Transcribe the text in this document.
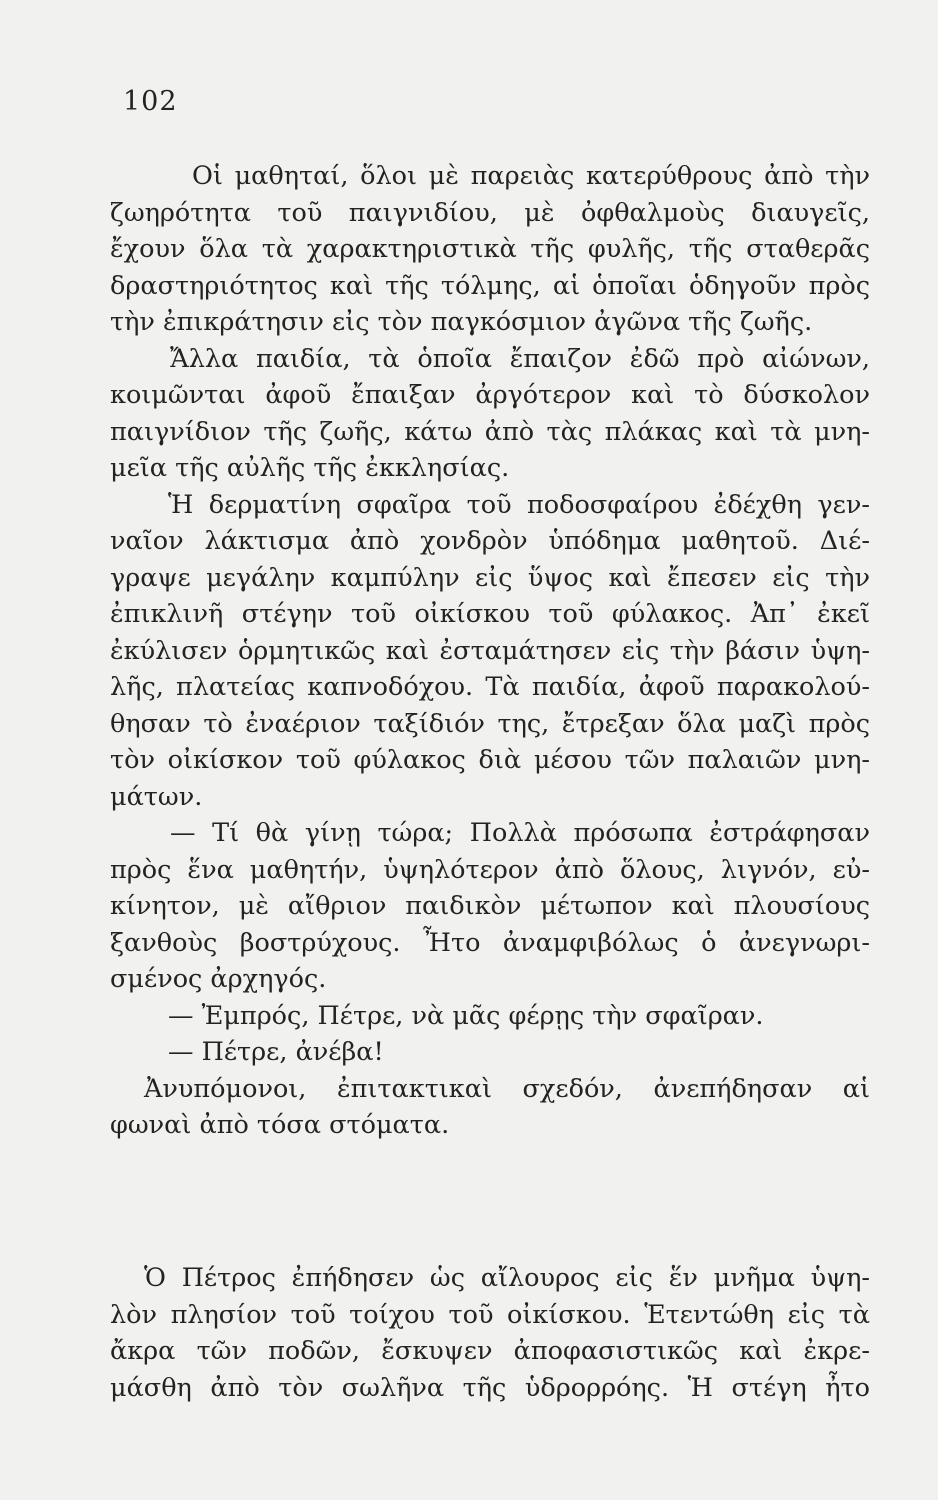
102
Οἱ μαθηταί, ὅλοι μὲ παρειὰς κατερύθρους ἀπὸ τὴν
ζωηρότητα τοῦ παιγνιδίου, μὲ ὀφθαλμοὺς διαυγεῖς,
ἔχουν ὅλα τὰ χαρακτηριστικὰ τῆς φυλῆς, τῆς σταθερᾶς
δραστηριότητος καὶ τῆς τόλμης, αἱ ὁποῖαι ὁδηγοῦν πρὸς
τὴν ἐπικράτησιν εἰς τὸν παγκόσμιον ἀγῶνα τῆς ζωῆς.
Ἄλλα παιδία, τὰ ὁποῖα ἔπαιζον ἐδῶ πρὸ αἰώνων,
κοιμῶνται ἀφοῦ ἔπαιξαν ἀργότερον καὶ τὸ δύσκολον
παιγνίδιον τῆς ζωῆς, κάτω ἀπὸ τὰς πλάκας καὶ τὰ μνη-
μεῖα τῆς αὐλῆς τῆς ἐκκλησίας.
Ἡ δερματίνη σφαῖρα τοῦ ποδοσφαίρου ἐδέχθη γεν-
ναῖον λάκτισμα ἀπὸ χονδρὸν ὑπόδημα μαθητοῦ. Διέ-
γραψε μεγάλην καμπύλην εἰς ὕψος καὶ ἔπεσεν εἰς τὴν
ἐπικλινῆ στέγην τοῦ οἰκίσκου τοῦ φύλακος. Ἀπ᾽ ἐκεῖ
ἐκύλισεν ὁρμητικῶς καὶ ἐσταμάτησεν εἰς τὴν βάσιν ὑψη-
λῆς, πλατείας καπνοδόχου. Τὰ παιδία, ἀφοῦ παρακολού-
θησαν τὸ ἐναέριον ταξίδιόν της, ἔτρεξαν ὅλα μαζὶ πρὸς
τὸν οἰκίσκον τοῦ φύλακος διὰ μέσου τῶν παλαιῶν μνη-
μάτων.
— Τί θὰ γίνῃ τώρα; Πολλὰ πρόσωπα ἐστράφησαν
πρὸς ἕνα μαθητήν, ὑψηλότερον ἀπὸ ὅλους, λιγνόν, εὐ-
κίνητον, μὲ αἴθριον παιδικὸν μέτωπον καὶ πλουσίους
ξανθοὺς βοστρύχους. Ἦτο ἀναμφιβόλως ὁ ἀνεγνωρι-
σμένος ἀρχηγός.
— Ἐμπρός, Πέτρε, νὰ μᾶς φέρῃς τὴν σφαῖραν.
— Πέτρε, ἀνέβα!
Ἀνυπόμονοι, ἐπιτακτικαὶ σχεδόν, ἀνεπήδησαν αἱ
φωναὶ ἀπὸ τόσα στόματα.
Ὁ Πέτρος ἐπήδησεν ὡς αἴλουρος εἰς ἕν μνῆμα ὑψη-
λὸν πλησίον τοῦ τοίχου τοῦ οἰκίσκου. Ἑτεντώθη εἰς τὰ
ἄκρα τῶν ποδῶν, ἔσκυψεν ἀποφασιστικῶς καὶ ἐκρε-
μάσθη ἀπὸ τὸν σωλῆνα τῆς ὑδρορρόης. Ἡ στέγη ἦτο
